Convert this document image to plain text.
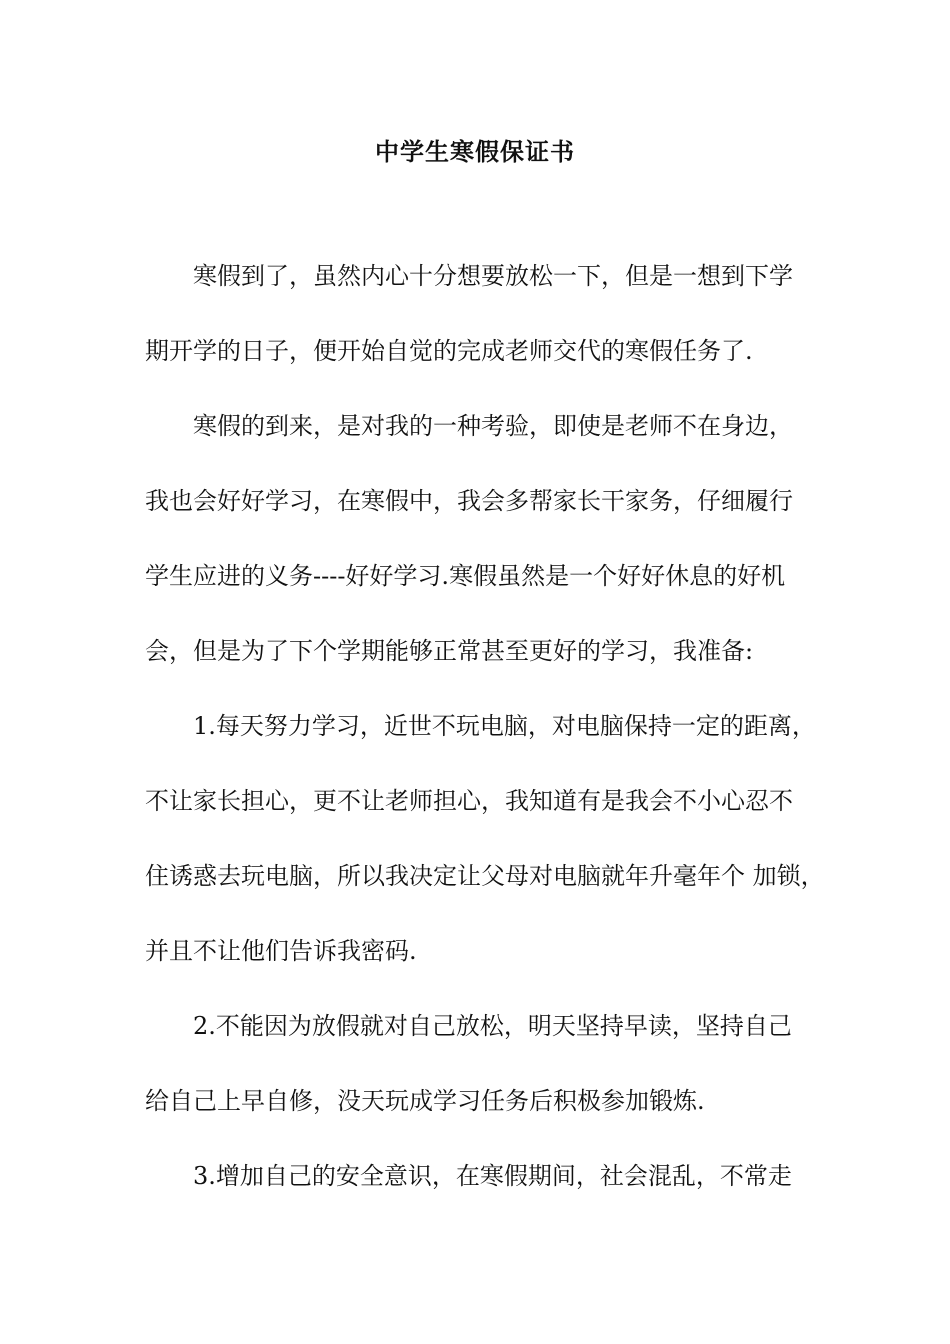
中学生寒假保证书
寒假到了，虽然内心十分想要放松一下，但是一想到下学
期开学的日子，便开始自觉的完成老师交代的寒假任务了.
寒假的到来，是对我的一种考验，即使是老师不在身边，
我也会好好学习，在寒假中，我会多帮家长干家务，仔细履行
学生应进的义务----好好学习.寒假虽然是一个好好休息的好机
会，但是为了下个学期能够正常甚至更好的学习，我准备:
1.每天努力学习，近世不玩电脑，对电脑保持一定的距离，
不让家长担心，更不让老师担心，我知道有是我会不小心忍不
住诱惑去玩电脑，所以我决定让父母对电脑就年升毫年个 加锁，
并且不让他们告诉我密码.
2.不能因为放假就对自己放松，明天坚持早读，坚持自己
给自己上早自修，没天玩成学习任务后积极参加锻炼.
3.增加自己的安全意识，在寒假期间，社会混乱，不常走
